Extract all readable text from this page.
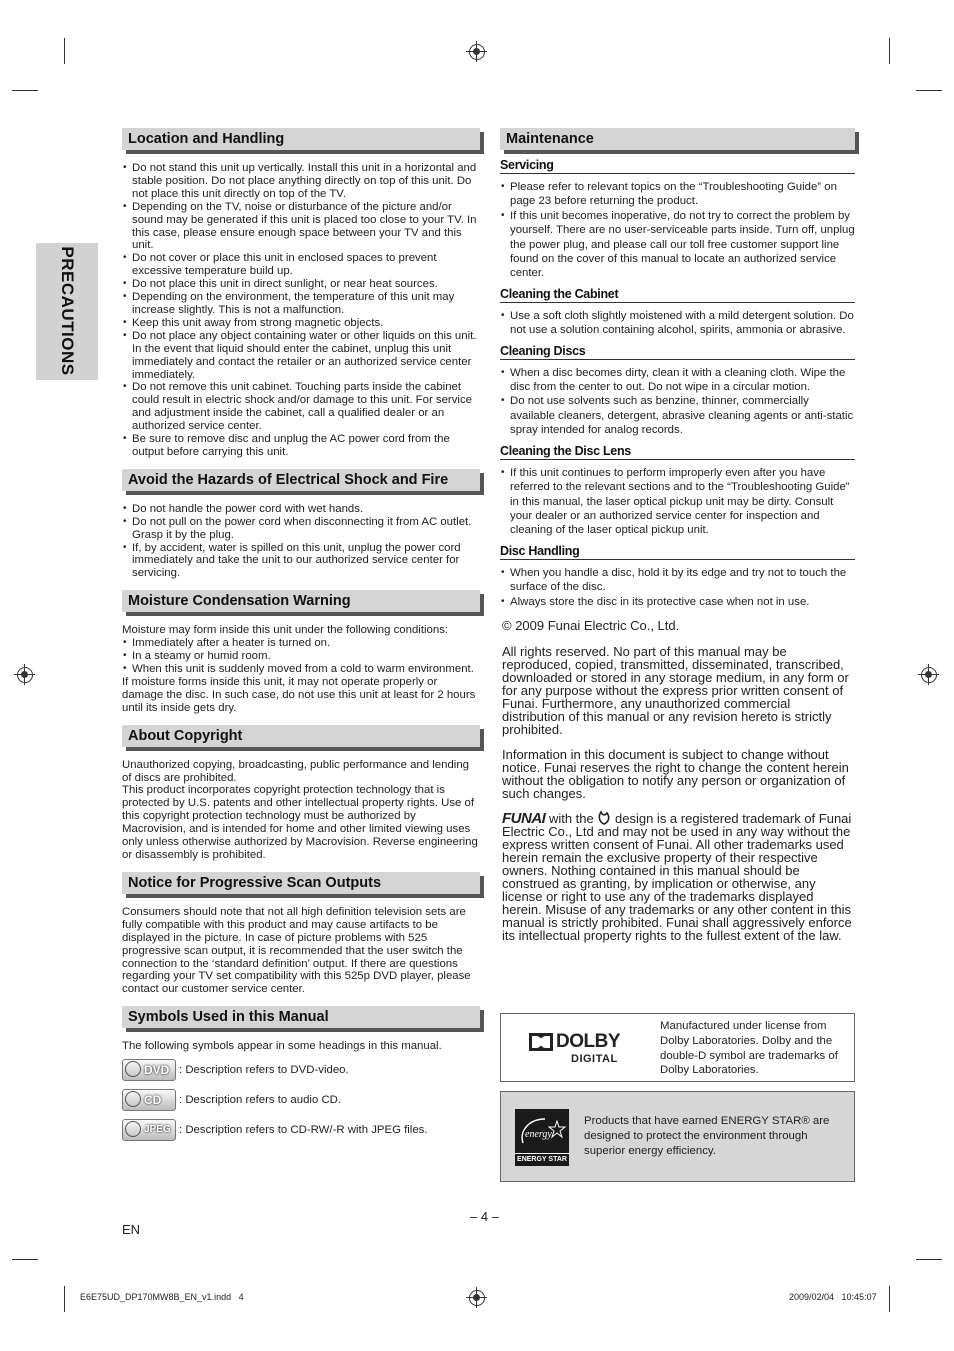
PRECAUTIONS
Location and Handling
• Do not stand this unit up vertically. Install this unit in a horizontal and stable position. Do not place anything directly on top of this unit. Do not place this unit directly on top of the TV.
• Depending on the TV, noise or disturbance of the picture and/or sound may be generated if this unit is placed too close to your TV. In this case, please ensure enough space between your TV and this unit.
• Do not cover or place this unit in enclosed spaces to prevent excessive temperature build up.
• Do not place this unit in direct sunlight, or near heat sources.
• Depending on the environment, the temperature of this unit may increase slightly. This is not a malfunction.
• Keep this unit away from strong magnetic objects.
• Do not place any object containing water or other liquids on this unit. In the event that liquid should enter the cabinet, unplug this unit immediately and contact the retailer or an authorized service center immediately.
• Do not remove this unit cabinet. Touching parts inside the cabinet could result in electric shock and/or damage to this unit. For service and adjustment inside the cabinet, call a qualified dealer or an authorized service center.
• Be sure to remove disc and unplug the AC power cord from the output before carrying this unit.
Avoid the Hazards of Electrical Shock and Fire
• Do not handle the power cord with wet hands.
• Do not pull on the power cord when disconnecting it from AC outlet. Grasp it by the plug.
• If, by accident, water is spilled on this unit, unplug the power cord immediately and take the unit to our authorized service center for servicing.
Moisture Condensation Warning

Moisture may form inside this unit under the following conditions:

• Immediately after a heater is turned on.
• In a steamy or humid room.
• When this unit is suddenly moved from a cold to warm environment.

If moisture forms inside this unit, it may not operate properly or damage the disc. In such case, do not use this unit at least for 2 hours until its inside gets dry.

About Copyright

Unauthorized copying, broadcasting, public performance and lending of discs are prohibited.

This product incorporates copyright protection technology that is protected by U.S. patents and other intellectual property rights. Use of this copyright protection technology must be authorized by Macrovision, and is intended for home and other limited viewing uses only unless otherwise authorized by Macrovision. Reverse engineering or disassembly is prohibited.

Notice for Progressive Scan Outputs

Consumers should note that not all high definition television sets are fully compatible with this product and may cause artifacts to be displayed in the picture. In case of picture problems with 525 progressive scan output, it is recommended that the user switch the connection to the ‘standard definition’ output. If there are questions regarding your TV set compatibility with this 525p DVD player, please contact our customer service center.

Symbols Used in this Manual

The following symbols appear in some headings in this manual.

DVD : Description refers to DVD-video.
CD : Description refers to audio CD.
JPEG : Description refers to CD-RW/-R with JPEG files.
Maintenance
Servicing
• Please refer to relevant topics on the “Troubleshooting Guide” on page 23 before returning the product.
• If this unit becomes inoperative, do not try to correct the problem by yourself. There are no user-serviceable parts inside. Turn off, unplug the power plug, and please call our toll free customer support line found on the cover of this manual to locate an authorized service center.
Cleaning the Cabinet
• Use a soft cloth slightly moistened with a mild detergent solution. Do not use a solution containing alcohol, spirits, ammonia or abrasive.
Cleaning Discs
• When a disc becomes dirty, clean it with a cleaning cloth. Wipe the disc from the center to out. Do not wipe in a circular motion.
• Do not use solvents such as benzine, thinner, commercially available cleaners, detergent, abrasive cleaning agents or anti-static spray intended for analog records.
Cleaning the Disc Lens
• If this unit continues to perform improperly even after you have referred to the relevant sections and to the “Troubleshooting Guide” in this manual, the laser optical pickup unit may be dirty. Consult your dealer or an authorized service center for inspection and cleaning of the laser optical pickup unit.
Disc Handling
• When you handle a disc, hold it by its edge and try not to touch the surface of the disc.
• Always store the disc in its protective case when not in use.

© 2009 Funai Electric Co., Ltd.

All rights reserved. No part of this manual may be reproduced, copied, transmitted, disseminated, transcribed, downloaded or stored in any storage medium, in any form or for any purpose without the express prior written consent of Funai. Furthermore, any unauthorized commercial distribution of this manual or any revision hereto is strictly prohibited.

Information in this document is subject to change without notice. Funai reserves the right to change the content herein without the obligation to notify any person or organization of such changes.

FUNAI with the design is a registered trademark of Funai Electric Co., Ltd and may not be used in any way without the express written consent of Funai. All other trademarks used herein remain the exclusive property of their respective owners. Nothing contained in this manual should be construed as granting, by implication or otherwise, any license or right to use any of the trademarks displayed herein. Misuse of any trademarks or any other content in this manual is strictly prohibited. Funai shall aggressively enforce its intellectual property rights to the fullest extent of the law.

DOLBY
DIGITAL

Manufactured under license from Dolby Laboratories. Dolby and the double-D symbol are trademarks of Dolby Laboratories.

energy
ENERGY STAR

Products that have earned ENERGY STAR® are designed to protect the environment through superior energy efficiency.

– 4 –
EN
E6E75UD_DP170MW8B_EN_v1.indd   4	2009/02/04   10:45:07
